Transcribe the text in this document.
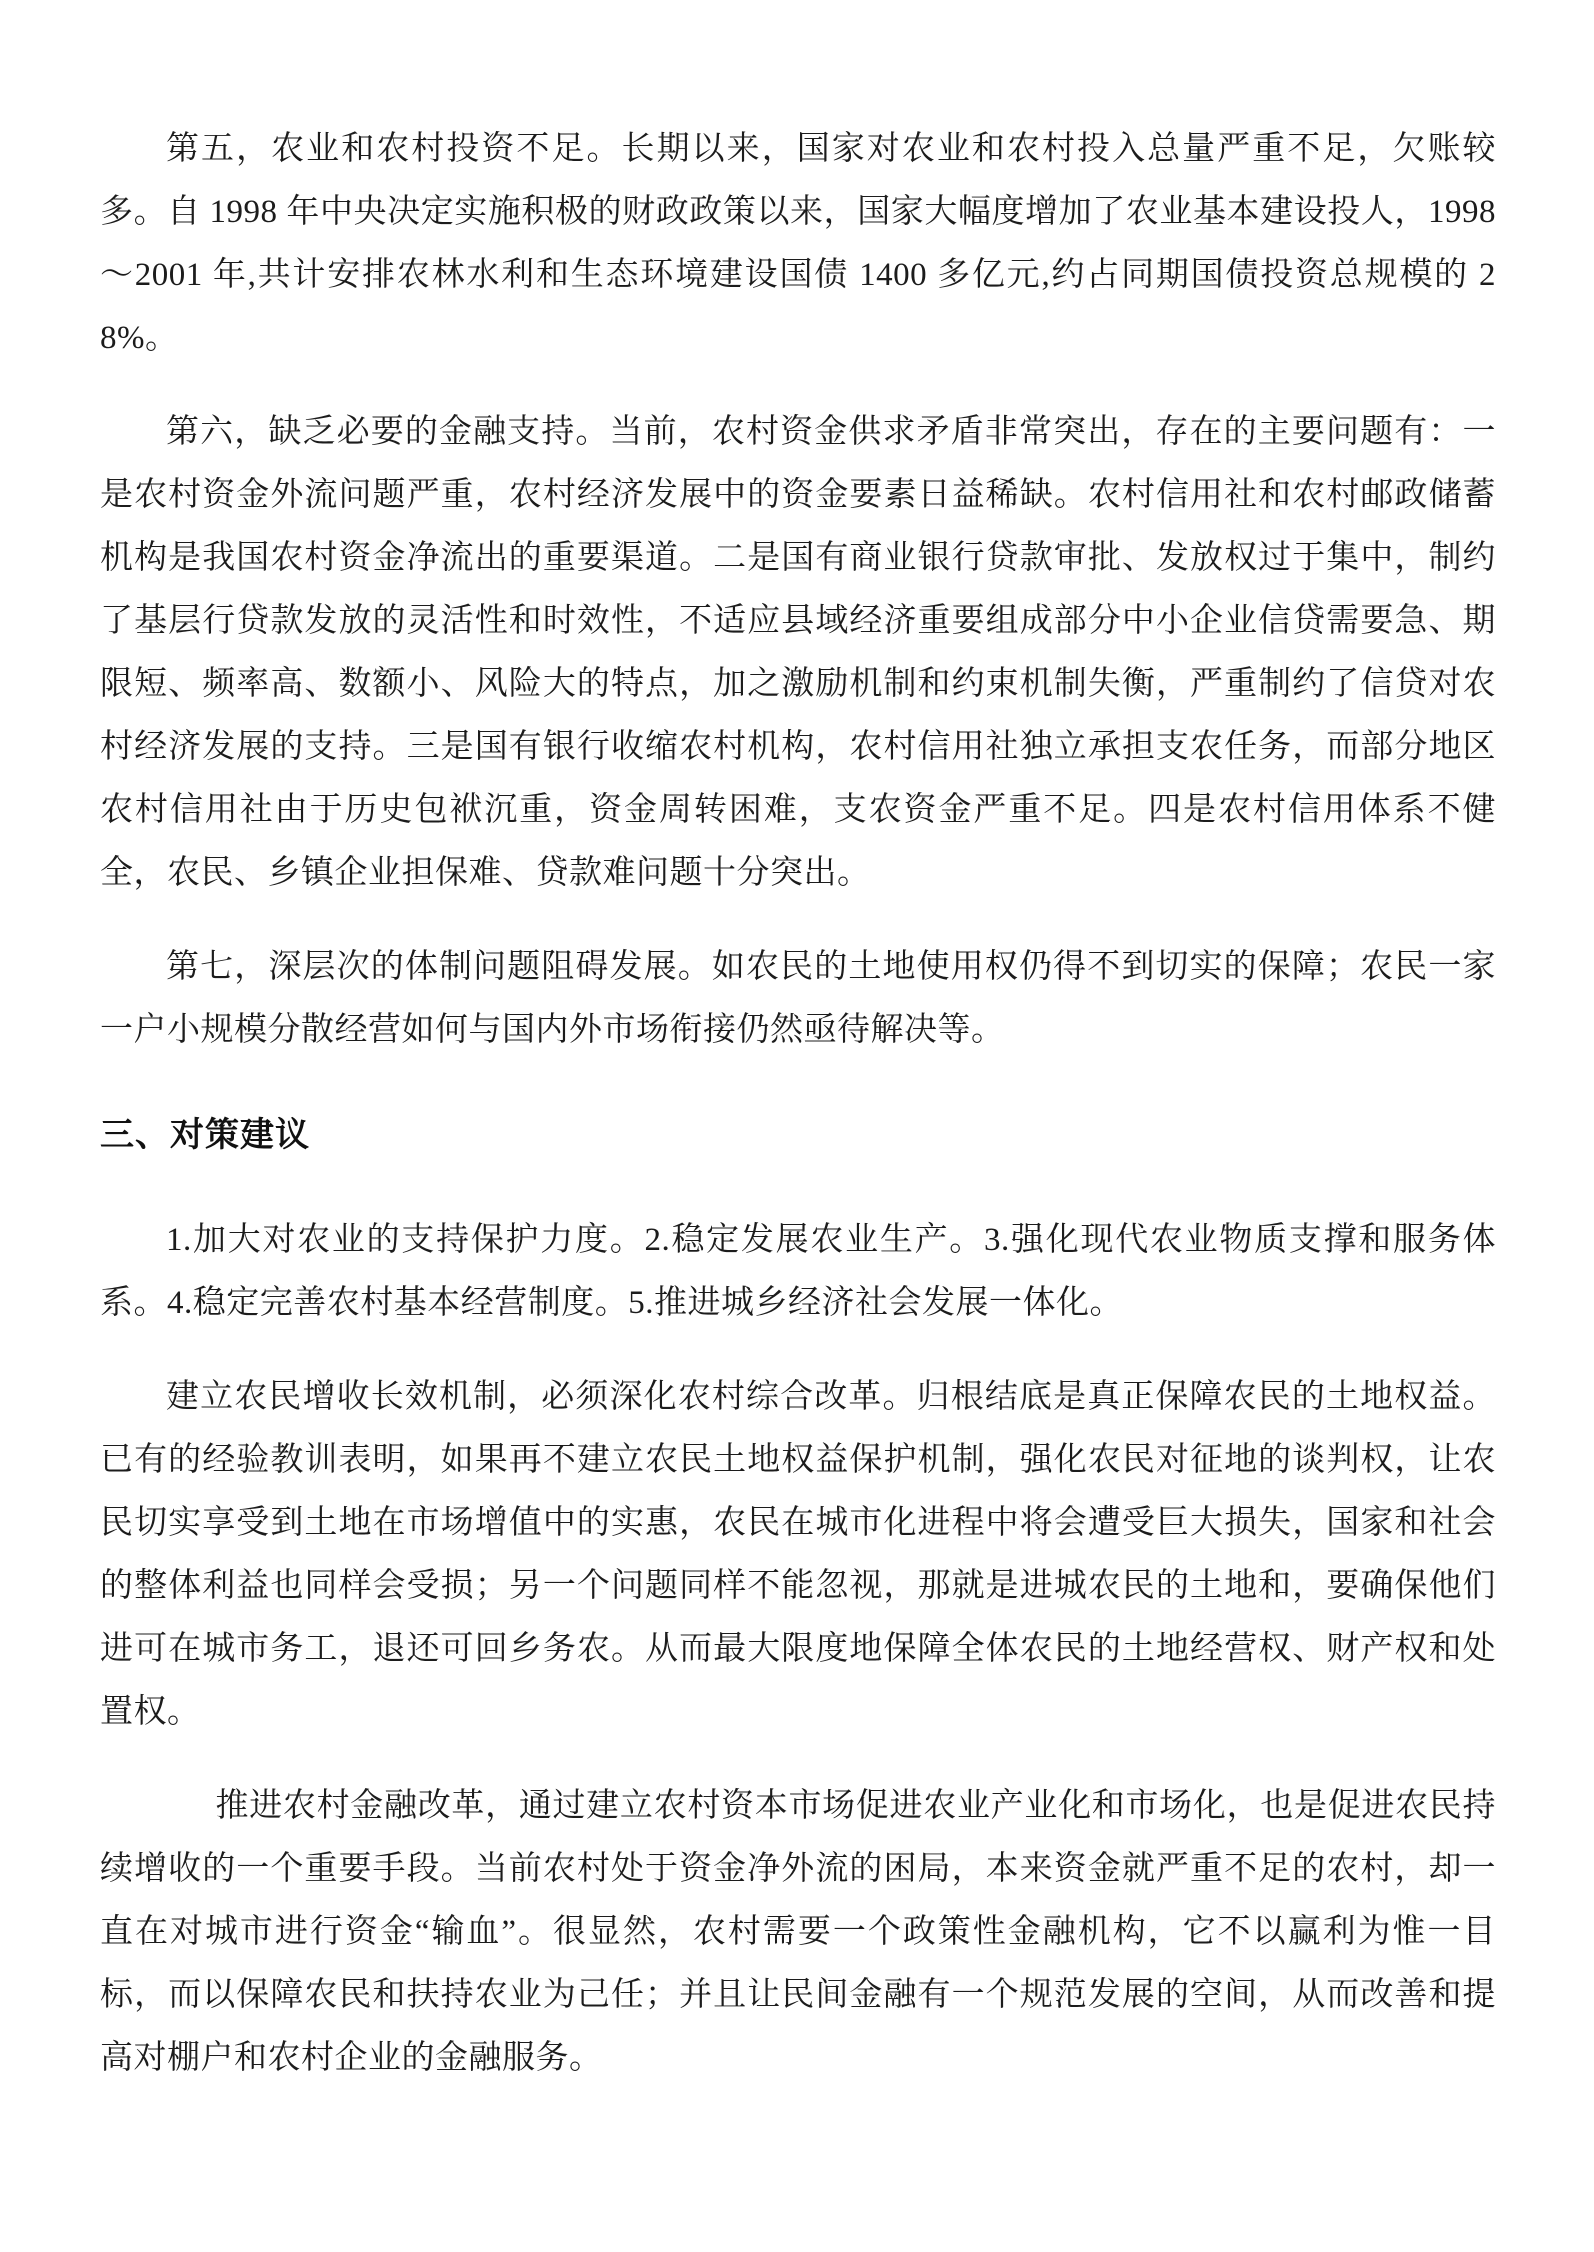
第五，农业和农村投资不足。长期以来，国家对农业和农村投入总量严重不足，欠账较多。自 1998 年中央决定实施积极的财政政策以来，国家大幅度增加了农业基本建设投人，1998～2001 年,共计安排农林水利和生态环境建设国债 1400 多亿元,约占同期国债投资总规模的 28%。

第六，缺乏必要的金融支持。当前，农村资金供求矛盾非常突出，存在的主要问题有：一是农村资金外流问题严重，农村经济发展中的资金要素日益稀缺。农村信用社和农村邮政储蓄机构是我国农村资金净流出的重要渠道。二是国有商业银行贷款审批、发放权过于集中，制约了基层行贷款发放的灵活性和时效性，不适应县域经济重要组成部分中小企业信贷需要急、期限短、频率高、数额小、风险大的特点，加之激励机制和约束机制失衡，严重制约了信贷对农村经济发展的支持。三是国有银行收缩农村机构，农村信用社独立承担支农任务，而部分地区农村信用社由于历史包袱沉重，资金周转困难，支农资金严重不足。四是农村信用体系不健全，农民、乡镇企业担保难、贷款难问题十分突出。

第七，深层次的体制问题阻碍发展。如农民的土地使用权仍得不到切实的保障；农民一家一户小规模分散经营如何与国内外市场衔接仍然亟待解决等。

三、对策建议

1.加大对农业的支持保护力度。2.稳定发展农业生产。3.强化现代农业物质支撑和服务体系。4.稳定完善农村基本经营制度。5.推进城乡经济社会发展一体化。

建立农民增收长效机制，必须深化农村综合改革。归根结底是真正保障农民的土地权益。已有的经验教训表明，如果再不建立农民土地权益保护机制，强化农民对征地的谈判权，让农民切实享受到土地在市场增值中的实惠，农民在城市化进程中将会遭受巨大损失，国家和社会的整体利益也同样会受损；另一个问题同样不能忽视，那就是进城农民的土地和，要确保他们进可在城市务工，退还可回乡务农。从而最大限度地保障全体农民的土地经营权、财产权和处置权。

推进农村金融改革，通过建立农村资本市场促进农业产业化和市场化，也是促进农民持续增收的一个重要手段。当前农村处于资金净外流的困局，本来资金就严重不足的农村，却一直在对城市进行资金“输血”。很显然，农村需要一个政策性金融机构，它不以赢利为惟一目标，而以保障农民和扶持农业为己任；并且让民间金融有一个规范发展的空间，从而改善和提高对棚户和农村企业的金融服务。
